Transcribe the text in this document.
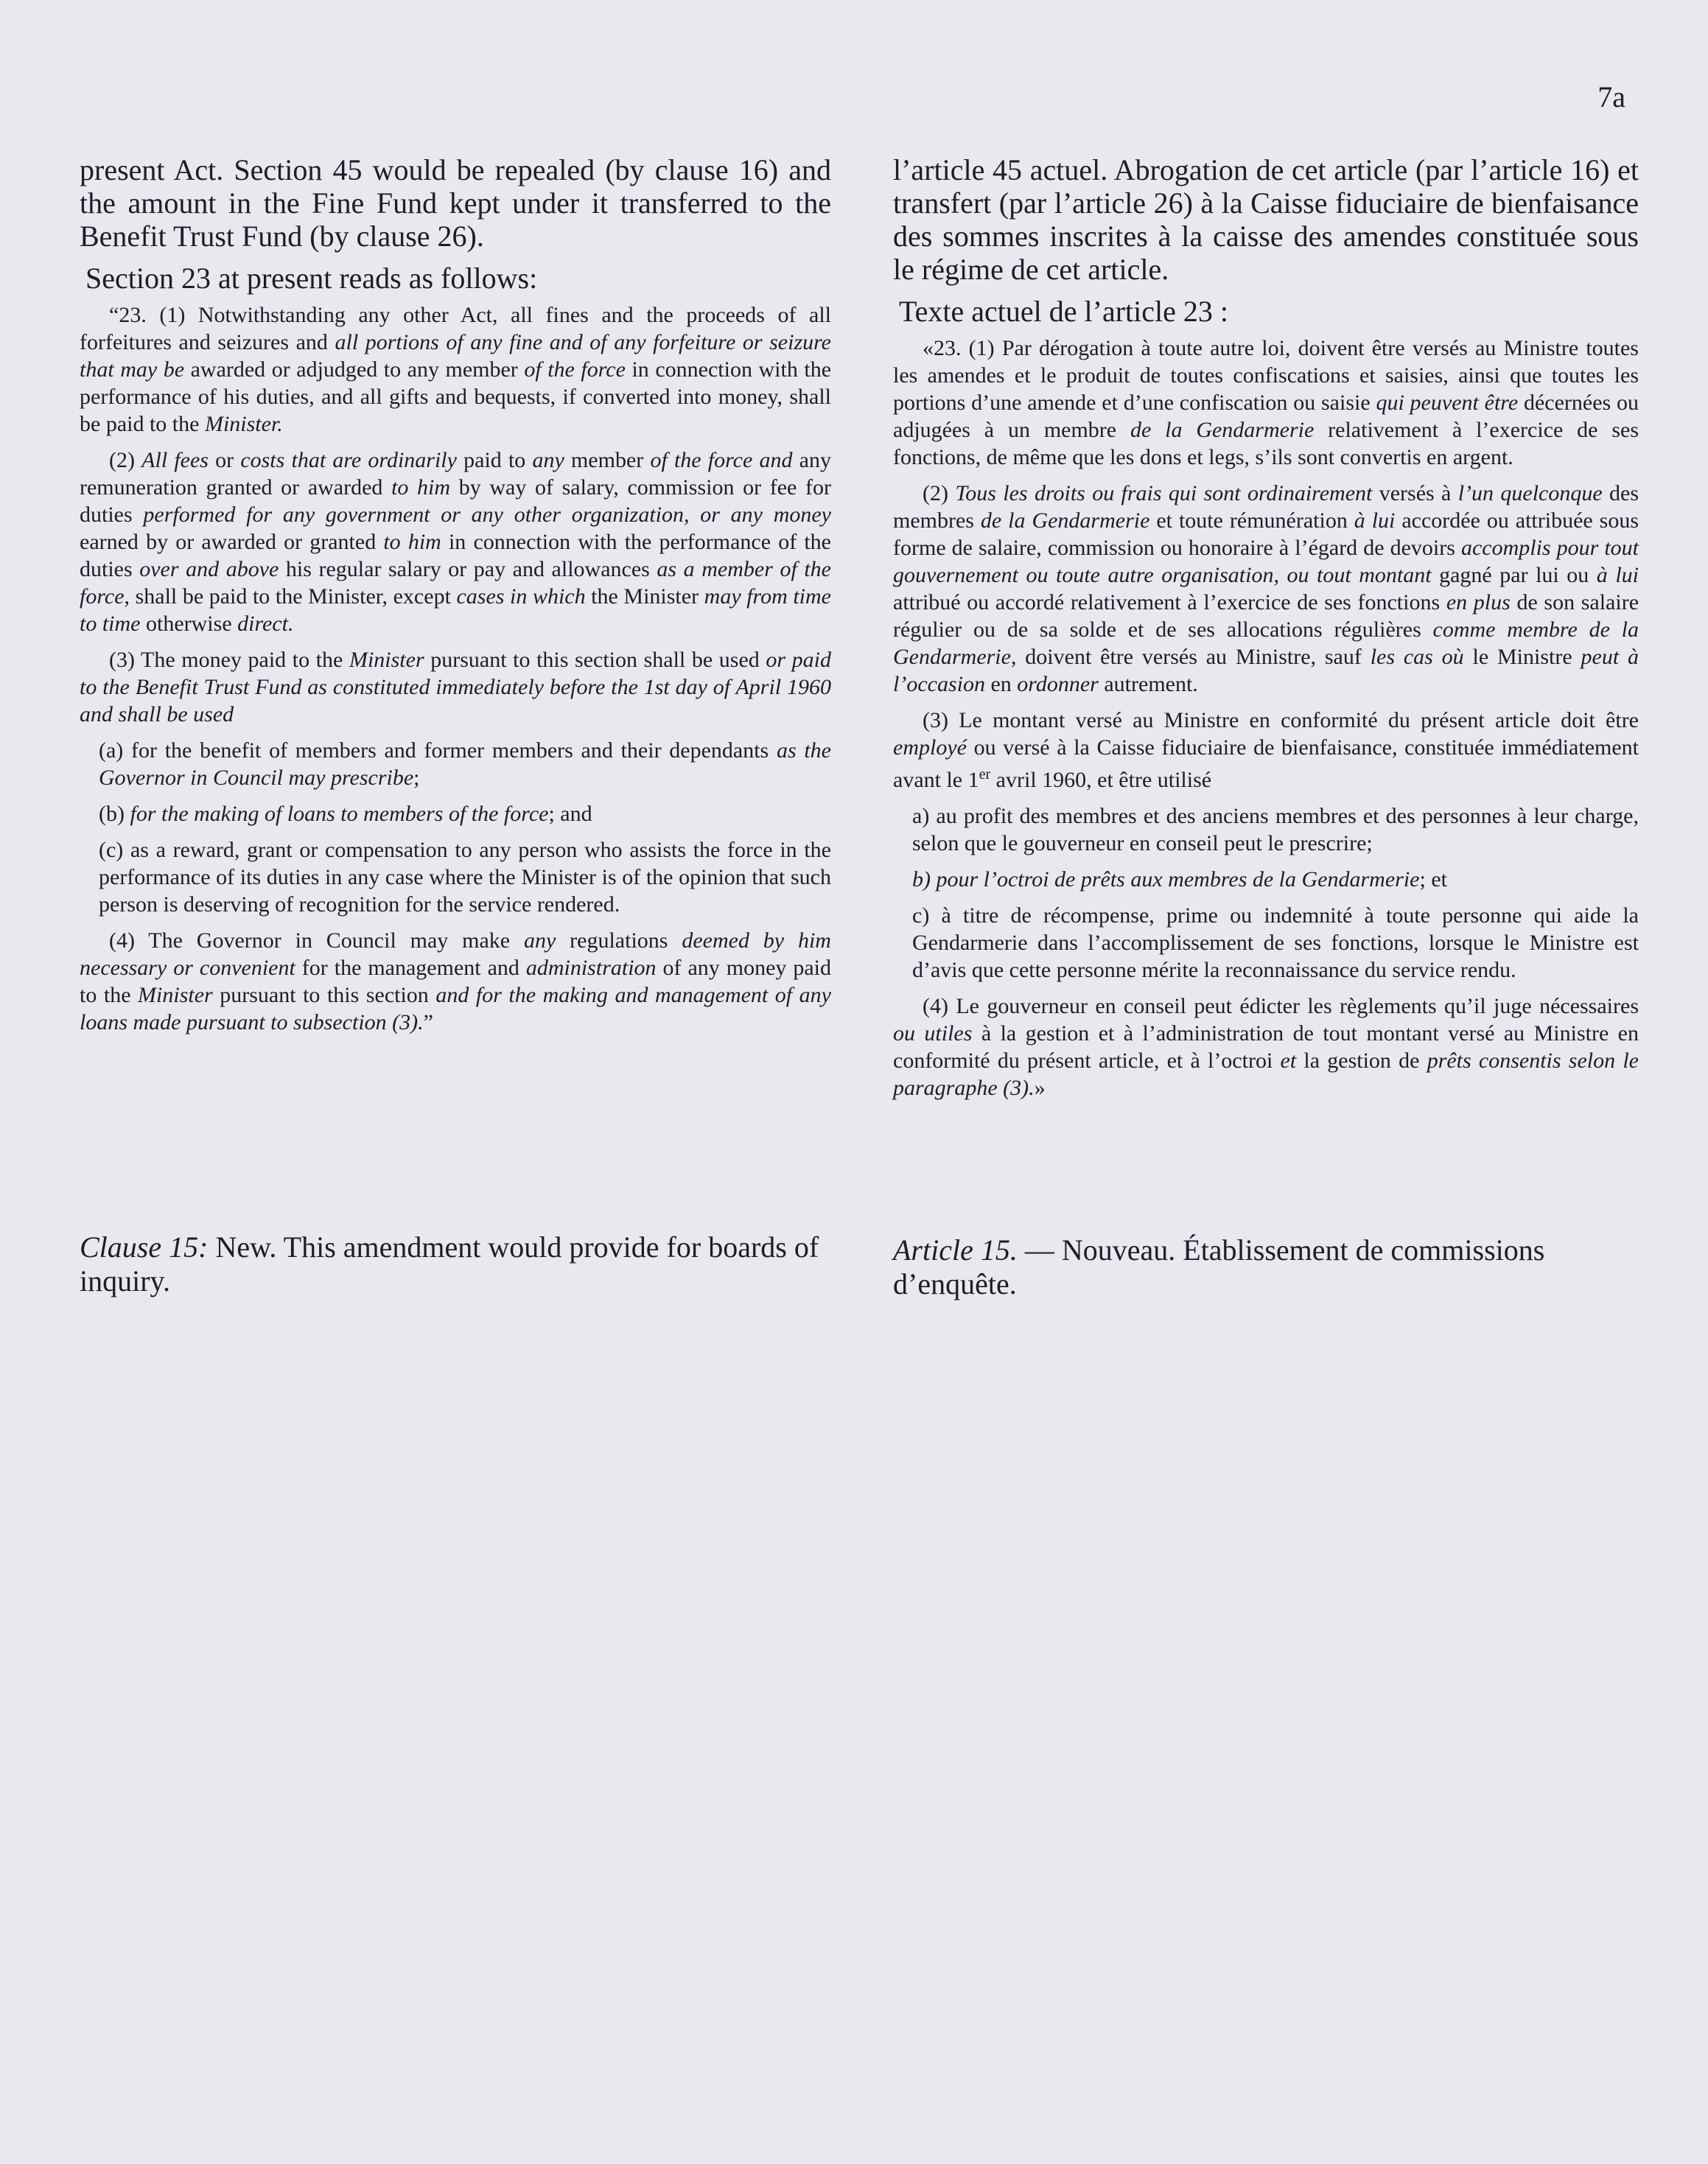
7a

present Act. Section 45 would be repealed (by clause 16) and the amount in the Fine Fund kept under it transferred to the Benefit Trust Fund (by clause 26).

Section 23 at present reads as follows:

“23. (1) Notwithstanding any other Act, all fines and the proceeds of all forfeitures and seizures and all portions of any fine and of any forfeiture or seizure that may be awarded or adjudged to any member of the force in connection with the performance of his duties, and all gifts and bequests, if converted into money, shall be paid to the Minister.

(2) All fees or costs that are ordinarily paid to any member of the force and any remuneration granted or awarded to him by way of salary, commission or fee for duties performed for any government or any other organization, or any money earned by or awarded or granted to him in connection with the performance of the duties over and above his regular salary or pay and allowances as a member of the force, shall be paid to the Minister, except cases in which the Minister may from time to time otherwise direct.

(3) The money paid to the Minister pursuant to this section shall be used or paid to the Benefit Trust Fund as constituted immediately before the 1st day of April 1960 and shall be used

(a) for the benefit of members and former members and their dependants as the Governor in Council may prescribe;

(b) for the making of loans to members of the force; and

(c) as a reward, grant or compensation to any person who assists the force in the performance of its duties in any case where the Minister is of the opinion that such person is deserving of recognition for the service rendered.

(4) The Governor in Council may make any regulations deemed by him necessary or convenient for the management and administration of any money paid to the Minister pursuant to this section and for the making and management of any loans made pursuant to subsection (3).”

Clause 15: New. This amendment would provide for boards of inquiry.

l’article 45 actuel. Abrogation de cet article (par l’article 16) et transfert (par l’article 26) à la Caisse fiduciaire de bienfaisance des sommes inscrites à la caisse des amendes constituée sous le régime de cet article.

Texte actuel de l’article 23 :

«23. (1) Par dérogation à toute autre loi, doivent être versés au Ministre toutes les amendes et le produit de toutes confiscations et saisies, ainsi que toutes les portions d’une amende et d’une confiscation ou saisie qui peuvent être décernées ou adjugées à un membre de la Gendarmerie relativement à l’exercice de ses fonctions, de même que les dons et legs, s’ils sont convertis en argent.

(2) Tous les droits ou frais qui sont ordinairement versés à l’un quelconque des membres de la Gendarmerie et toute rémunération à lui accordée ou attribuée sous forme de salaire, commission ou honoraire à l’égard de devoirs accomplis pour tout gouvernement ou toute autre organisation, ou tout montant gagné par lui ou à lui attribué ou accordé relativement à l’exercice de ses fonctions en plus de son salaire régulier ou de sa solde et de ses allocations régulières comme membre de la Gendarmerie, doivent être versés au Ministre, sauf les cas où le Ministre peut à l’occasion en ordonner autrement.

(3) Le montant versé au Ministre en conformité du présent article doit être employé ou versé à la Caisse fiduciaire de bienfaisance, constituée immédiatement avant le 1er avril 1960, et être utilisé

a) au profit des membres et des anciens membres et des personnes à leur charge, selon que le gouverneur en conseil peut le prescrire;

b) pour l’octroi de prêts aux membres de la Gendarmerie; et

c) à titre de récompense, prime ou indemnité à toute personne qui aide la Gendarmerie dans l’accomplissement de ses fonctions, lorsque le Ministre est d’avis que cette personne mérite la reconnaissance du service rendu.

(4) Le gouverneur en conseil peut édicter les règlements qu’il juge nécessaires ou utiles à la gestion et à l’administration de tout montant versé au Ministre en conformité du présent article, et à l’octroi et la gestion de prêts consentis selon le paragraphe (3).»

Article 15. — Nouveau. Établissement de commissions d’enquête.
